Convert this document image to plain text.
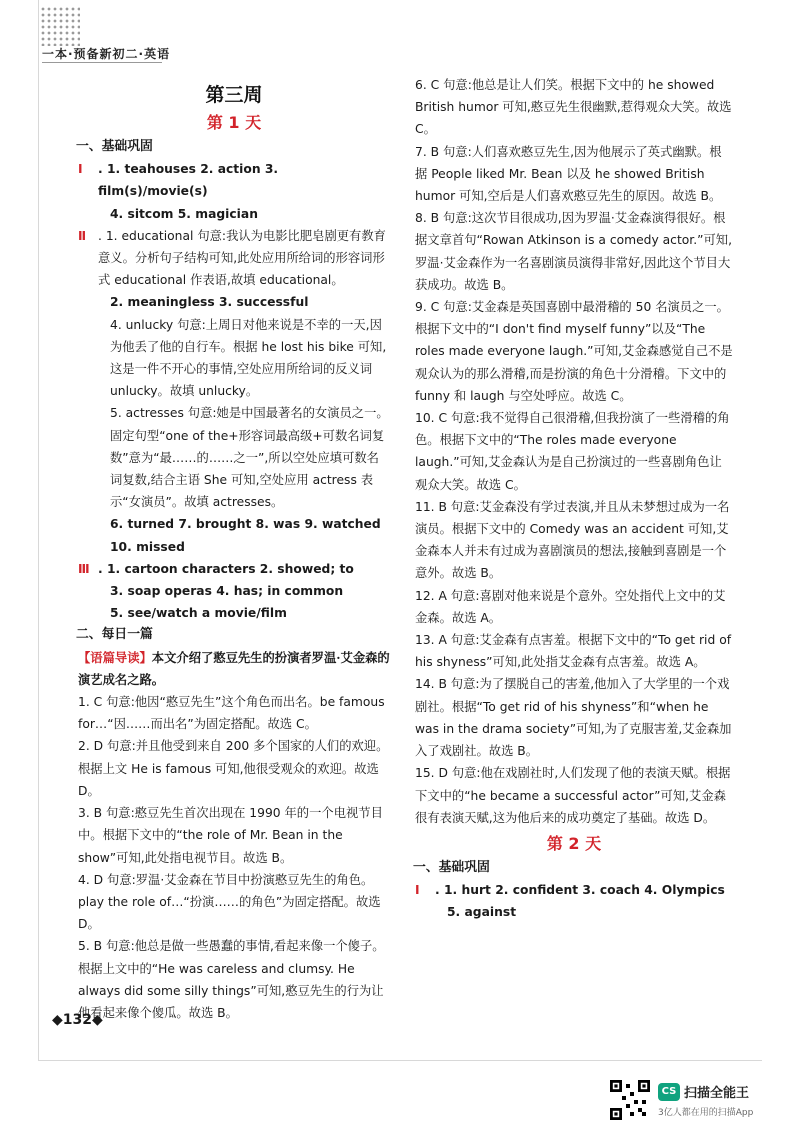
一本·预备新初二·英语
第三周
第 1 天
一、基础巩固
Ⅰ	. 1. teahouses 2. action 3. film(s)/movie(s)
4. sitcom 5. magician
Ⅱ . 1. educational 句意:我认为电影比肥皂剧更有教育意义。分析句子结构可知,此处应用所给词的形容词形式 educational 作表语,故填 educational。
2. meaningless 3. successful
4. unlucky 句意:上周日对他来说是不幸的一天,因为他丢了他的自行车。根据 he lost his bike 可知,这是一件不开心的事情,空处应用所给词的反义词 unlucky。故填 unlucky。
5. actresses 句意:她是中国最著名的女演员之一。固定句型“one of the+形容词最高级+可数名词复数”意为“最……的……之一”,所以空处应填可数名词复数,结合主语 She 可知,空处应用 actress 表示“女演员”。故填 actresses。
6. turned 7. brought 8. was 9. watched
10. missed
Ⅲ . 1. cartoon characters 2. showed; to
3. soap operas 4. has; in common
5. see/watch a movie/film
二、每日一篇
【语篇导读】本文介绍了憨豆先生的扮演者罗温·艾金森的演艺成名之路。
1. C 句意:他因“憨豆先生”这个角色而出名。be famous for…“因……而出名”为固定搭配。故选 C。
2. D 句意:并且他受到来自 200 多个国家的人们的欢迎。根据上文 He is famous 可知,他很受观众的欢迎。故选 D。
3. B 句意:憨豆先生首次出现在 1990 年的一个电视节目中。根据下文中的“the role of Mr. Bean in the show”可知,此处指电视节目。故选 B。
4. D 句意:罗温·艾金森在节目中扮演憨豆先生的角色。play the role of…“扮演……的角色”为固定搭配。故选 D。
5. B 句意:他总是做一些愚蠢的事情,看起来像一个傻子。根据上文中的“He was careless and clumsy. He always did some silly things”可知,憨豆先生的行为让他看起来像个傻瓜。故选 B。
6. C 句意:他总是让人们笑。根据下文中的 he showed British humor 可知,憨豆先生很幽默,惹得观众大笑。故选 C。
7. B 句意:人们喜欢憨豆先生,因为他展示了英式幽默。根据 People liked Mr. Bean 以及 he showed British humor 可知,空后是人们喜欢憨豆先生的原因。故选 B。
8. B 句意:这次节目很成功,因为罗温·艾金森演得很好。根据文章首句“Rowan Atkinson is a comedy actor.”可知,罗温·艾金森作为一名喜剧演员演得非常好,因此这个节目大获成功。故选 B。
9. C 句意:艾金森是英国喜剧中最滑稽的 50 名演员之一。根据下文中的“I don't find myself funny”以及“The roles made everyone laugh.”可知,艾金森感觉自己不是观众认为的那么滑稽,而是扮演的角色十分滑稽。下文中的 funny 和 laugh 与空处呼应。故选 C。
10. C 句意:我不觉得自己很滑稽,但我扮演了一些滑稽的角色。根据下文中的“The roles made everyone laugh.”可知,艾金森认为是自己扮演过的一些喜剧角色让观众大笑。故选 C。
11. B 句意:艾金森没有学过表演,并且从未梦想过成为一名演员。根据下文中的 Comedy was an accident 可知,艾金森本人并未有过成为喜剧演员的想法,接触到喜剧是一个意外。故选 B。
12. A 句意:喜剧对他来说是个意外。空处指代上文中的艾金森。故选 A。
13. A 句意:艾金森有点害羞。根据下文中的“To get rid of his shyness”可知,此处指艾金森有点害羞。故选 A。
14. B 句意:为了摆脱自己的害羞,他加入了大学里的一个戏剧社。根据“To get rid of his shyness”和“when he was in the drama society”可知,为了克服害羞,艾金森加入了戏剧社。故选 B。
15. D 句意:他在戏剧社时,人们发现了他的表演天赋。根据下文中的“he became a successful actor”可知,艾金森很有表演天赋,这为他后来的成功奠定了基础。故选 D。
第 2 天
一、基础巩固
Ⅰ	. 1. hurt 2. confident 3. coach 4. Olympics
5. against
◆132◆
CS 扫描全能王
3亿人都在用的扫描App
